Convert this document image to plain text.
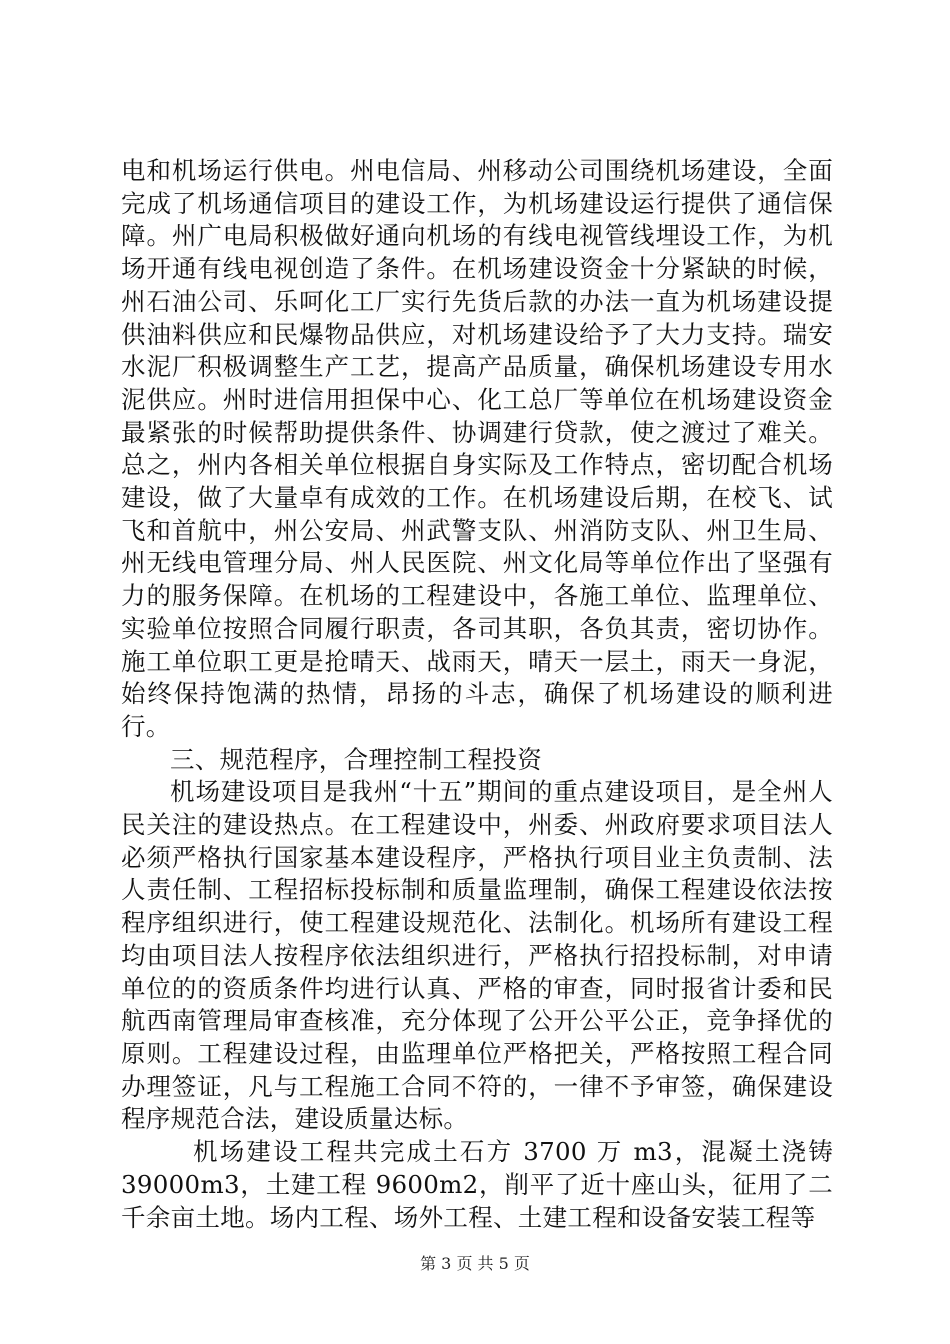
电和机场运行供电。州电信局、州移动公司围绕机场建设，全面完成了机场通信项目的建设工作，为机场建设运行提供了通信保障。州广电局积极做好通向机场的有线电视管线埋设工作，为机场开通有线电视创造了条件。在机场建设资金十分紧缺的时候，州石油公司、乐呵化工厂实行先货后款的办法一直为机场建设提供油料供应和民爆物品供应，对机场建设给予了大力支持。瑞安水泥厂积极调整生产工艺，提高产品质量，确保机场建设专用水泥供应。州时进信用担保中心、化工总厂等单位在机场建设资金最紧张的时候帮助提供条件、协调建行贷款，使之渡过了难关。总之，州内各相关单位根据自身实际及工作特点，密切配合机场建设，做了大量卓有成效的工作。在机场建设后期，在校飞、试飞和首航中，州公安局、州武警支队、州消防支队、州卫生局、州无线电管理分局、州人民医院、州文化局等单位作出了坚强有力的服务保障。在机场的工程建设中，各施工单位、监理单位、实验单位按照合同履行职责，各司其职，各负其责，密切协作。施工单位职工更是抢晴天、战雨天，晴天一层土，雨天一身泥，始终保持饱满的热情，昂扬的斗志，确保了机场建设的顺利进行。

三、规范程序，合理控制工程投资

机场建设项目是我州“十五”期间的重点建设项目，是全州人民关注的建设热点。在工程建设中，州委、州政府要求项目法人必须严格执行国家基本建设程序，严格执行项目业主负责制、法人责任制、工程招标投标制和质量监理制，确保工程建设依法按程序组织进行，使工程建设规范化、法制化。机场所有建设工程均由项目法人按程序依法组织进行，严格执行招投标制，对申请单位的的资质条件均进行认真、严格的审查，同时报省计委和民航西南管理局审查核准，充分体现了公开公平公正，竞争择优的原则。工程建设过程，由监理单位严格把关，严格按照工程合同办理签证，凡与工程施工合同不符的，一律不予审签，确保建设程序规范合法，建设质量达标。

机场建设工程共完成土石方 3700 万 m3，混凝土浇铸39000m3，土建工程 9600m2，削平了近十座山头，征用了二千余亩土地。场内工程、场外工程、土建工程和设备安装工程等

第 3 页 共 5 页
